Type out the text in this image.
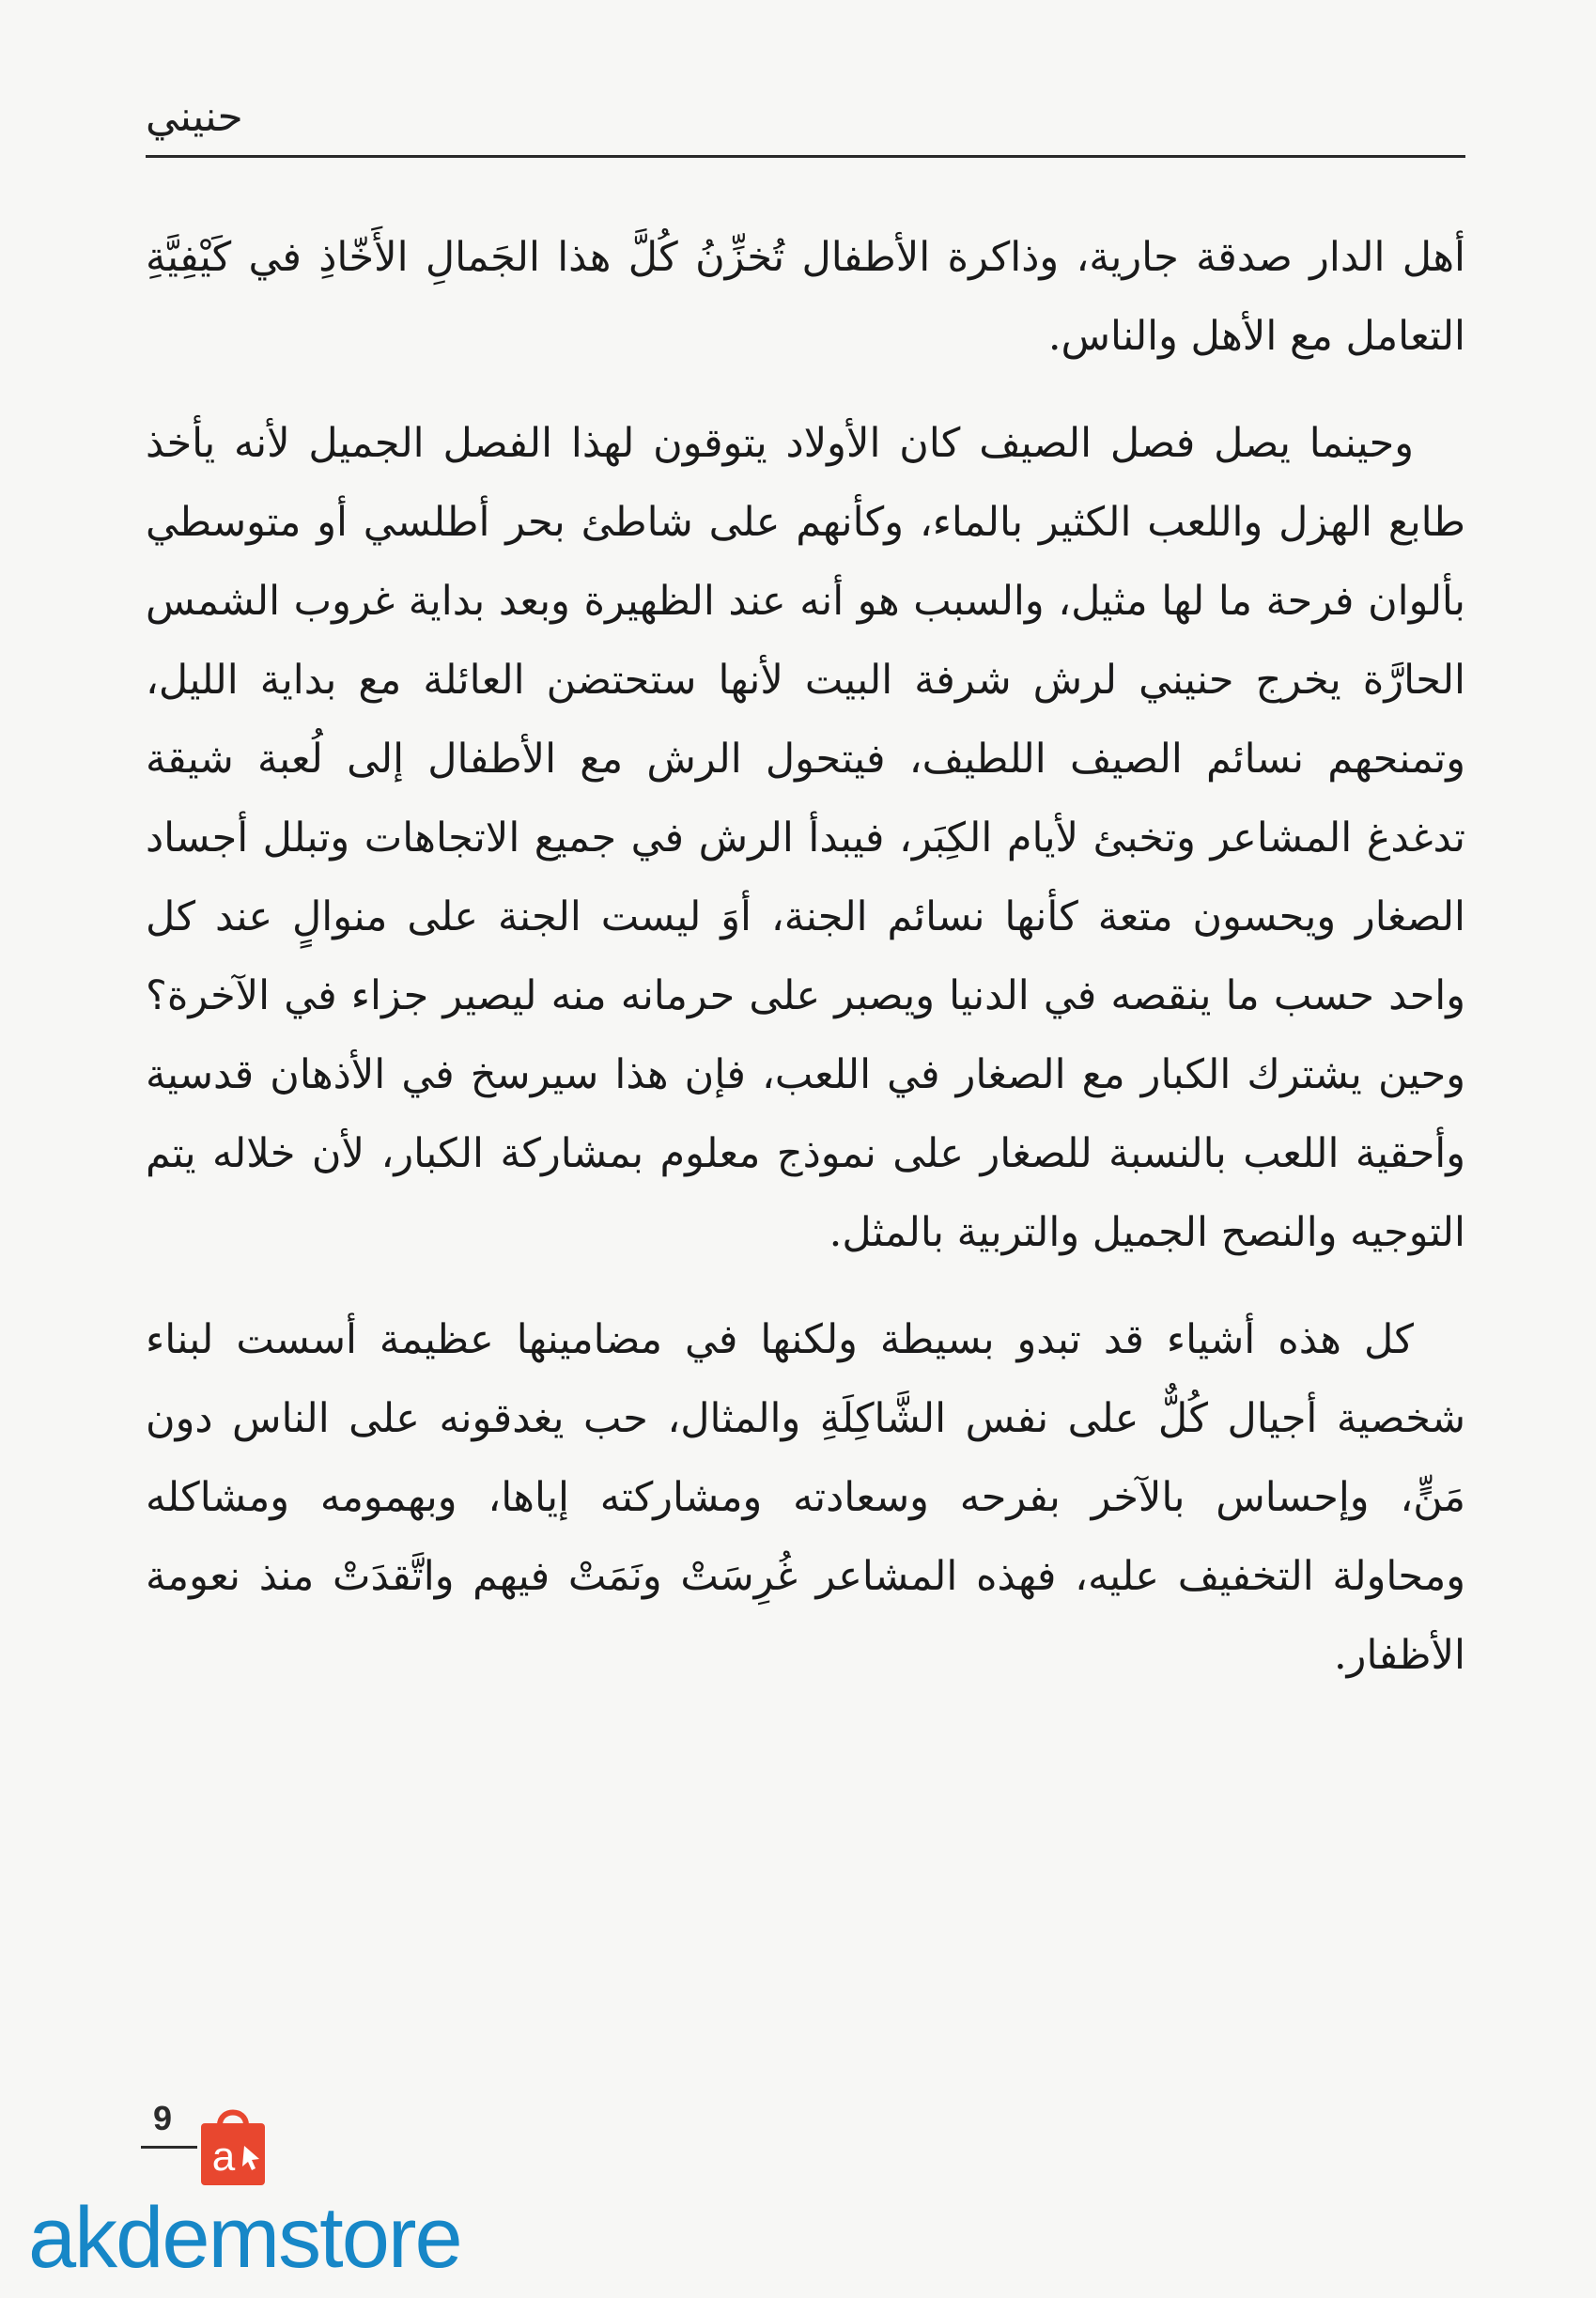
حنيني

أهل الدار صدقة جارية، وذاكرة الأطفال تُخزِّنُ كُلَّ هذا الجَمالِ الأَخّاذِ في كَيْفِيَّةِ التعامل مع الأهل والناس.

وحينما يصل فصل الصيف كان الأولاد يتوقون لهذا الفصل الجميل لأنه يأخذ طابع الهزل واللعب الكثير بالماء، وكأنهم على شاطئ بحر أطلسي أو متوسطي بألوان فرحة ما لها مثيل، والسبب هو أنه عند الظهيرة وبعد بداية غروب الشمس الحارَّة يخرج حنيني لرش شرفة البيت لأنها ستحتضن العائلة مع بداية الليل، وتمنحهم نسائم الصيف اللطيف، فيتحول الرش مع الأطفال إلى لُعبة شيقة تدغدغ المشاعر وتخبئ لأيام الكِبَر، فيبدأ الرش في جميع الاتجاهات وتبلل أجساد الصغار ويحسون متعة كأنها نسائم الجنة، أوَ ليست الجنة على منوالٍ عند كل واحد حسب ما ينقصه في الدنيا ويصبر على حرمانه منه ليصير جزاء في الآخرة؟ وحين يشترك الكبار مع الصغار في اللعب، فإن هذا سيرسخ في الأذهان قدسية وأحقية اللعب بالنسبة للصغار على نموذج معلوم بمشاركة الكبار، لأن خلاله يتم التوجيه والنصح الجميل والتربية بالمثل.

كل هذه أشياء قد تبدو بسيطة ولكنها في مضامينها عظيمة أسست لبناء شخصية أجيال كُلٌّ على نفس الشَّاكِلَةِ والمثال، حب يغدقونه على الناس دون مَنٍّ، وإحساس بالآخر بفرحه وسعادته ومشاركته إياها، وبهمومه ومشاكله ومحاولة التخفيف عليه، فهذه المشاعر غُرِسَتْ ونَمَتْ فيهم واتَّقدَتْ منذ نعومة الأظفار.

9
a
akdemstore
